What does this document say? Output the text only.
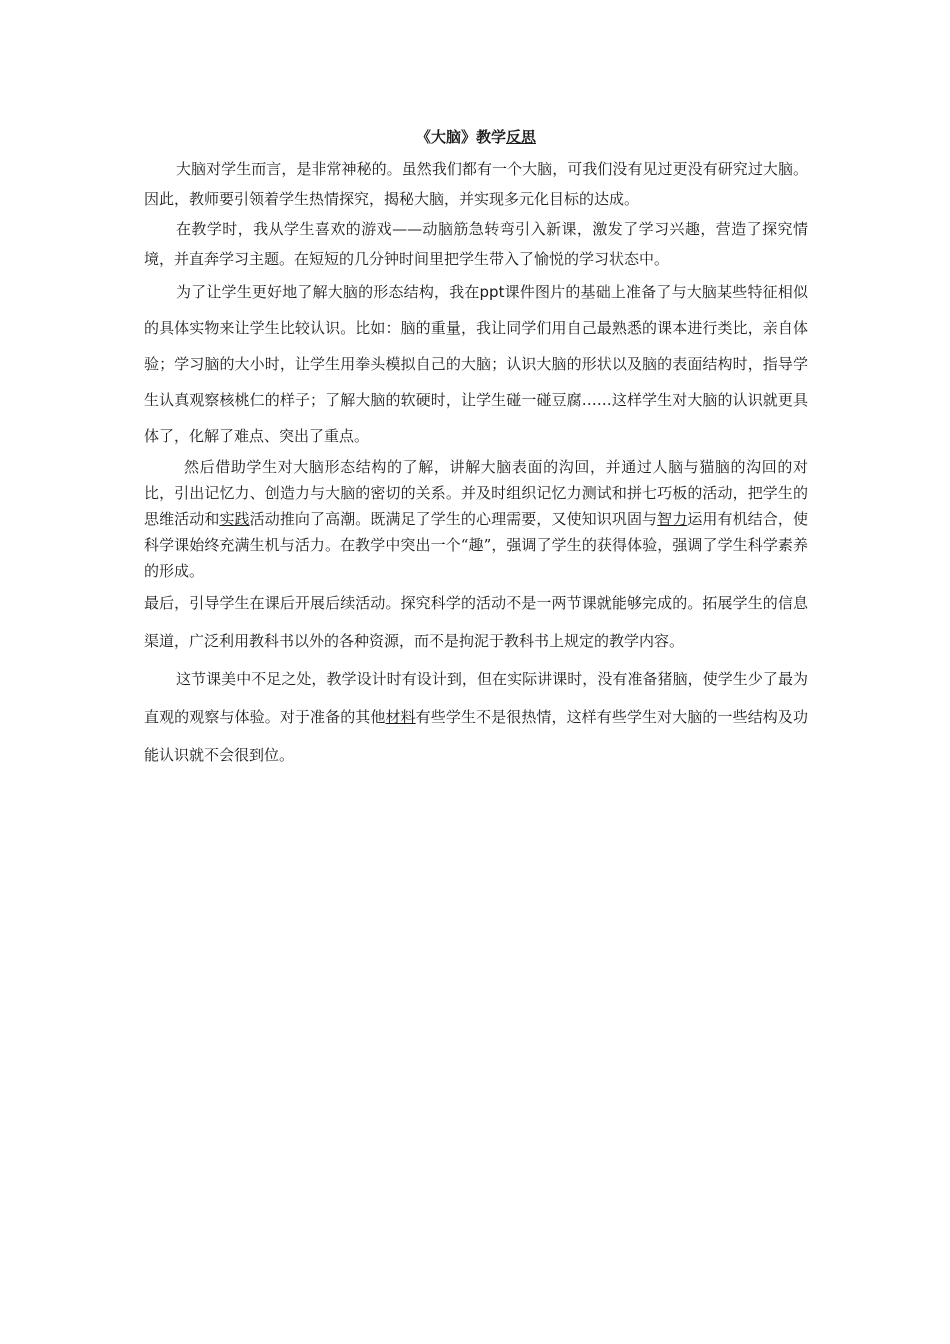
《大脑》教学反思

大脑对学生而言，是非常神秘的。虽然我们都有一个大脑，可我们没有见过更没有研究过大脑。因此，教师要引领着学生热情探究，揭秘大脑，并实现多元化目标的达成。

在教学时，我从学生喜欢的游戏——动脑筋急转弯引入新课，激发了学习兴趣，营造了探究情境，并直奔学习主题。在短短的几分钟时间里把学生带入了愉悦的学习状态中。

为了让学生更好地了解大脑的形态结构，我在ppt课件图片的基础上准备了与大脑某些特征相似的具体实物来让学生比较认识。比如：脑的重量，我让同学们用自己最熟悉的课本进行类比，亲自体验；学习脑的大小时，让学生用拳头模拟自己的大脑；认识大脑的形状以及脑的表面结构时，指导学生认真观察核桃仁的样子；了解大脑的软硬时，让学生碰一碰豆腐……这样学生对大脑的认识就更具体了，化解了难点、突出了重点。

然后借助学生对大脑形态结构的了解，讲解大脑表面的沟回，并通过人脑与猫脑的沟回的对比，引出记忆力、创造力与大脑的密切的关系。并及时组织记忆力测试和拼七巧板的活动，把学生的思维活动和实践活动推向了高潮。既满足了学生的心理需要，又使知识巩固与智力运用有机结合，使科学课始终充满生机与活力。在教学中突出一个“趣”，强调了学生的获得体验，强调了学生科学素养的形成。

最后，引导学生在课后开展后续活动。探究科学的活动不是一两节课就能够完成的。拓展学生的信息渠道，广泛利用教科书以外的各种资源，而不是拘泥于教科书上规定的教学内容。

这节课美中不足之处，教学设计时有设计到，但在实际讲课时，没有准备猪脑，使学生少了最为直观的观察与体验。对于准备的其他材料有些学生不是很热情，这样有些学生对大脑的一些结构及功能认识就不会很到位。
